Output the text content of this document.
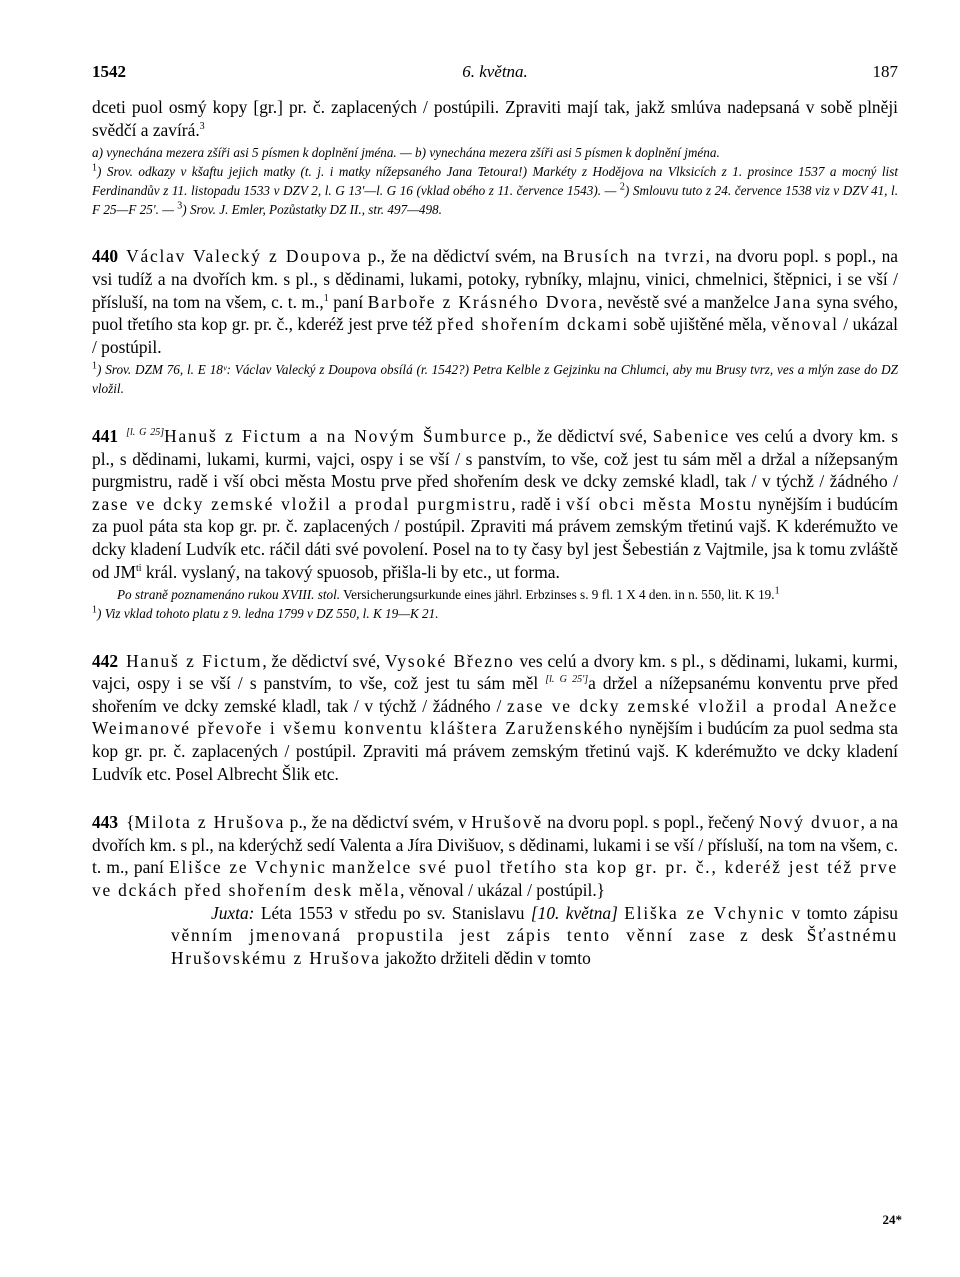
1542	6. května.	187

dceti puol osmý kopy [gr.] pr. č. zaplacených / postúpili. Zpraviti mají tak, jakž smlúva nadepsaná v sobě plněji svědčí a zavírá.$^3$

a) vynechána mezera zšíři asi 5 písmen k doplnění jména. — b) vynechána mezera zšíři asi 5 písmen k doplnění jména.

$^1$) Srov. odkazy v kšaftu jejich matky (t. j. i matky nížepsaného Jana Tetoura!) Markéty z Hodějova na Vlksicích z 1. prosince 1537 a mocný list Ferdinandův z 11. listopadu 1533 v DZV 2, l. G 13'—l. G 16 (vklad obého z 11. července 1543). — $^2$) Smlouvu tuto z 24. července 1538 viz v DZV 41, l. F 25—F 25'. — $^3$) Srov. J. Emler, Pozůstatky DZ II., str. 497—498.

440 Václav Valecký z Doupova p., že na dědictví svém, na Brusích na tvrzi, na dvoru popl. s popl., na vsi tudíž a na dvořích km. s pl., s dědinami, lukami, potoky, rybníky, mlajnu, vinici, chmelnici, štěpnici, i se vší / přísluší, na tom na všem, c. t. m.,$^1$ paní Barboře z Krásného Dvora, nevěstě své a manželce Jana syna svého, puol třetího sta kop gr. pr. č., kderéž jest prve též před shořením dckami sobě ujištěné měla, věnoval / ukázal / postúpil.

$^1$) Srov. DZM 76, l. E 18ᵛ: Václav Valecký z Doupova obsílá (r. 1542?) Petra Kelble z Gejzinku na Chlumci, aby mu Brusy tvrz, ves a mlýn zase do DZ vložil.

441 [l. G 25]Hanuš z Fictum a na Novým Šumburce p., že dědictví své, Sabenice ves celú a dvory km. s pl., s dědinami, lukami, kurmi, vajci, ospy i se vší / s panstvím, to vše, což jest tu sám měl a držal a nížepsaným purgmistru, radě i vší obci města Mostu prve před shořením desk ve dcky zemské kladl, tak / v týchž / žádného / zase ve dcky zemské vložil a prodal purgmistru, radě i vší obci města Mostu nynějším i budúcím za puol páta sta kop gr. pr. č. zaplacených / postúpil. Zpraviti má právem zemským třetinú vajš. K kderémužto ve dcky kladení Ludvík etc. ráčil dáti své povolení. Posel na to ty časy byl jest Šebestián z Vajtmile, jsa k tomu zvláště od $JM^{ti}$ král. vyslaný, na takový spuosob, přišla-li by etc., ut forma.

Po straně poznamenáno rukou XVIII. stol. Versicherungsurkunde eines jährl. Erbzinses s. 9 fl. 1 X 4 den. in n. 550, lit. K 19.$^1$

$^1$) Viz vklad tohoto platu z 9. ledna 1799 v DZ 550, l. K 19—K 21.

442 Hanuš z Fictum, že dědictví své, Vysoké Březno ves celú a dvory km. s pl., s dědinami, lukami, kurmi, vajci, ospy i se vší / s panstvím, to vše, což jest tu sám měl [l. G 25']a držel a nížepsanému konventu prve před shořením ve dcky zemské kladl, tak / v týchž / žádného / zase ve dcky zemské vložil a prodal Anežce Weimanové převoře i všemu konventu kláštera Zaruženského nynějším i budúcím za puol sedma sta kop gr. pr. č. zaplacených / postúpil. Zpraviti má právem zemským třetinú vajš. K kderémužto ve dcky kladení Ludvík etc. Posel Albrecht Šlik etc.

443 {Milota z Hrušova p., že na dědictví svém, v Hrušově na dvoru popl. s popl., řečený Nový dvuor, a na dvořích km. s pl., na kderýchž sedí Valenta a Jíra Divišuov, s dědinami, lukami i se vší / přísluší, na tom na všem, c. t. m., paní Elišce ze Vchynic manželce své puol třetího sta kop gr. pr. č., kderéž jest též prve ve dckách před shořením desk měla, věnoval / ukázal / postúpil.}

Juxta: Léta 1553 v středu po sv. Stanislavu [10. května] Eliška ze Vchynic v tomto zápisu věnním jmenovaná propustila jest zápis tento věnní zase z desk Šťastnému Hrušovskému z Hrušova jakožto držiteli dědin v tomto

24*
